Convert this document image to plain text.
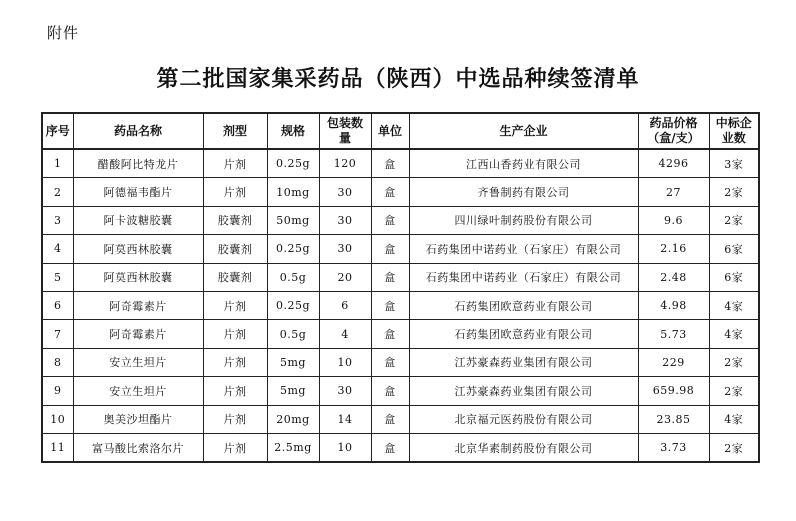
附件
第二批国家集采药品（陕西）中选品种续签清单
序号	药品名称	剂型	规格	包装数量	单位	生产企业	药品价格（盒/支）	中标企业数
1	醋酸阿比特龙片	片剂	0.25g	120	盒	江西山香药业有限公司	4296	3家
2	阿德福韦酯片	片剂	10mg	30	盒	齐鲁制药有限公司	27	2家
3	阿卡波糖胶囊	胶囊剂	50mg	30	盒	四川绿叶制药股份有限公司	9.6	2家
4	阿莫西林胶囊	胶囊剂	0.25g	30	盒	石药集团中诺药业（石家庄）有限公司	2.16	6家
5	阿莫西林胶囊	胶囊剂	0.5g	20	盒	石药集团中诺药业（石家庄）有限公司	2.48	6家
6	阿奇霉素片	片剂	0.25g	6	盒	石药集团欧意药业有限公司	4.98	4家
7	阿奇霉素片	片剂	0.5g	4	盒	石药集团欧意药业有限公司	5.73	4家
8	安立生坦片	片剂	5mg	10	盒	江苏豪森药业集团有限公司	229	2家
9	安立生坦片	片剂	5mg	30	盒	江苏豪森药业集团有限公司	659.98	2家
10	奥美沙坦酯片	片剂	20mg	14	盒	北京福元医药股份有限公司	23.85	4家
11	富马酸比索洛尔片	片剂	2.5mg	10	盒	北京华素制药股份有限公司	3.73	2家
